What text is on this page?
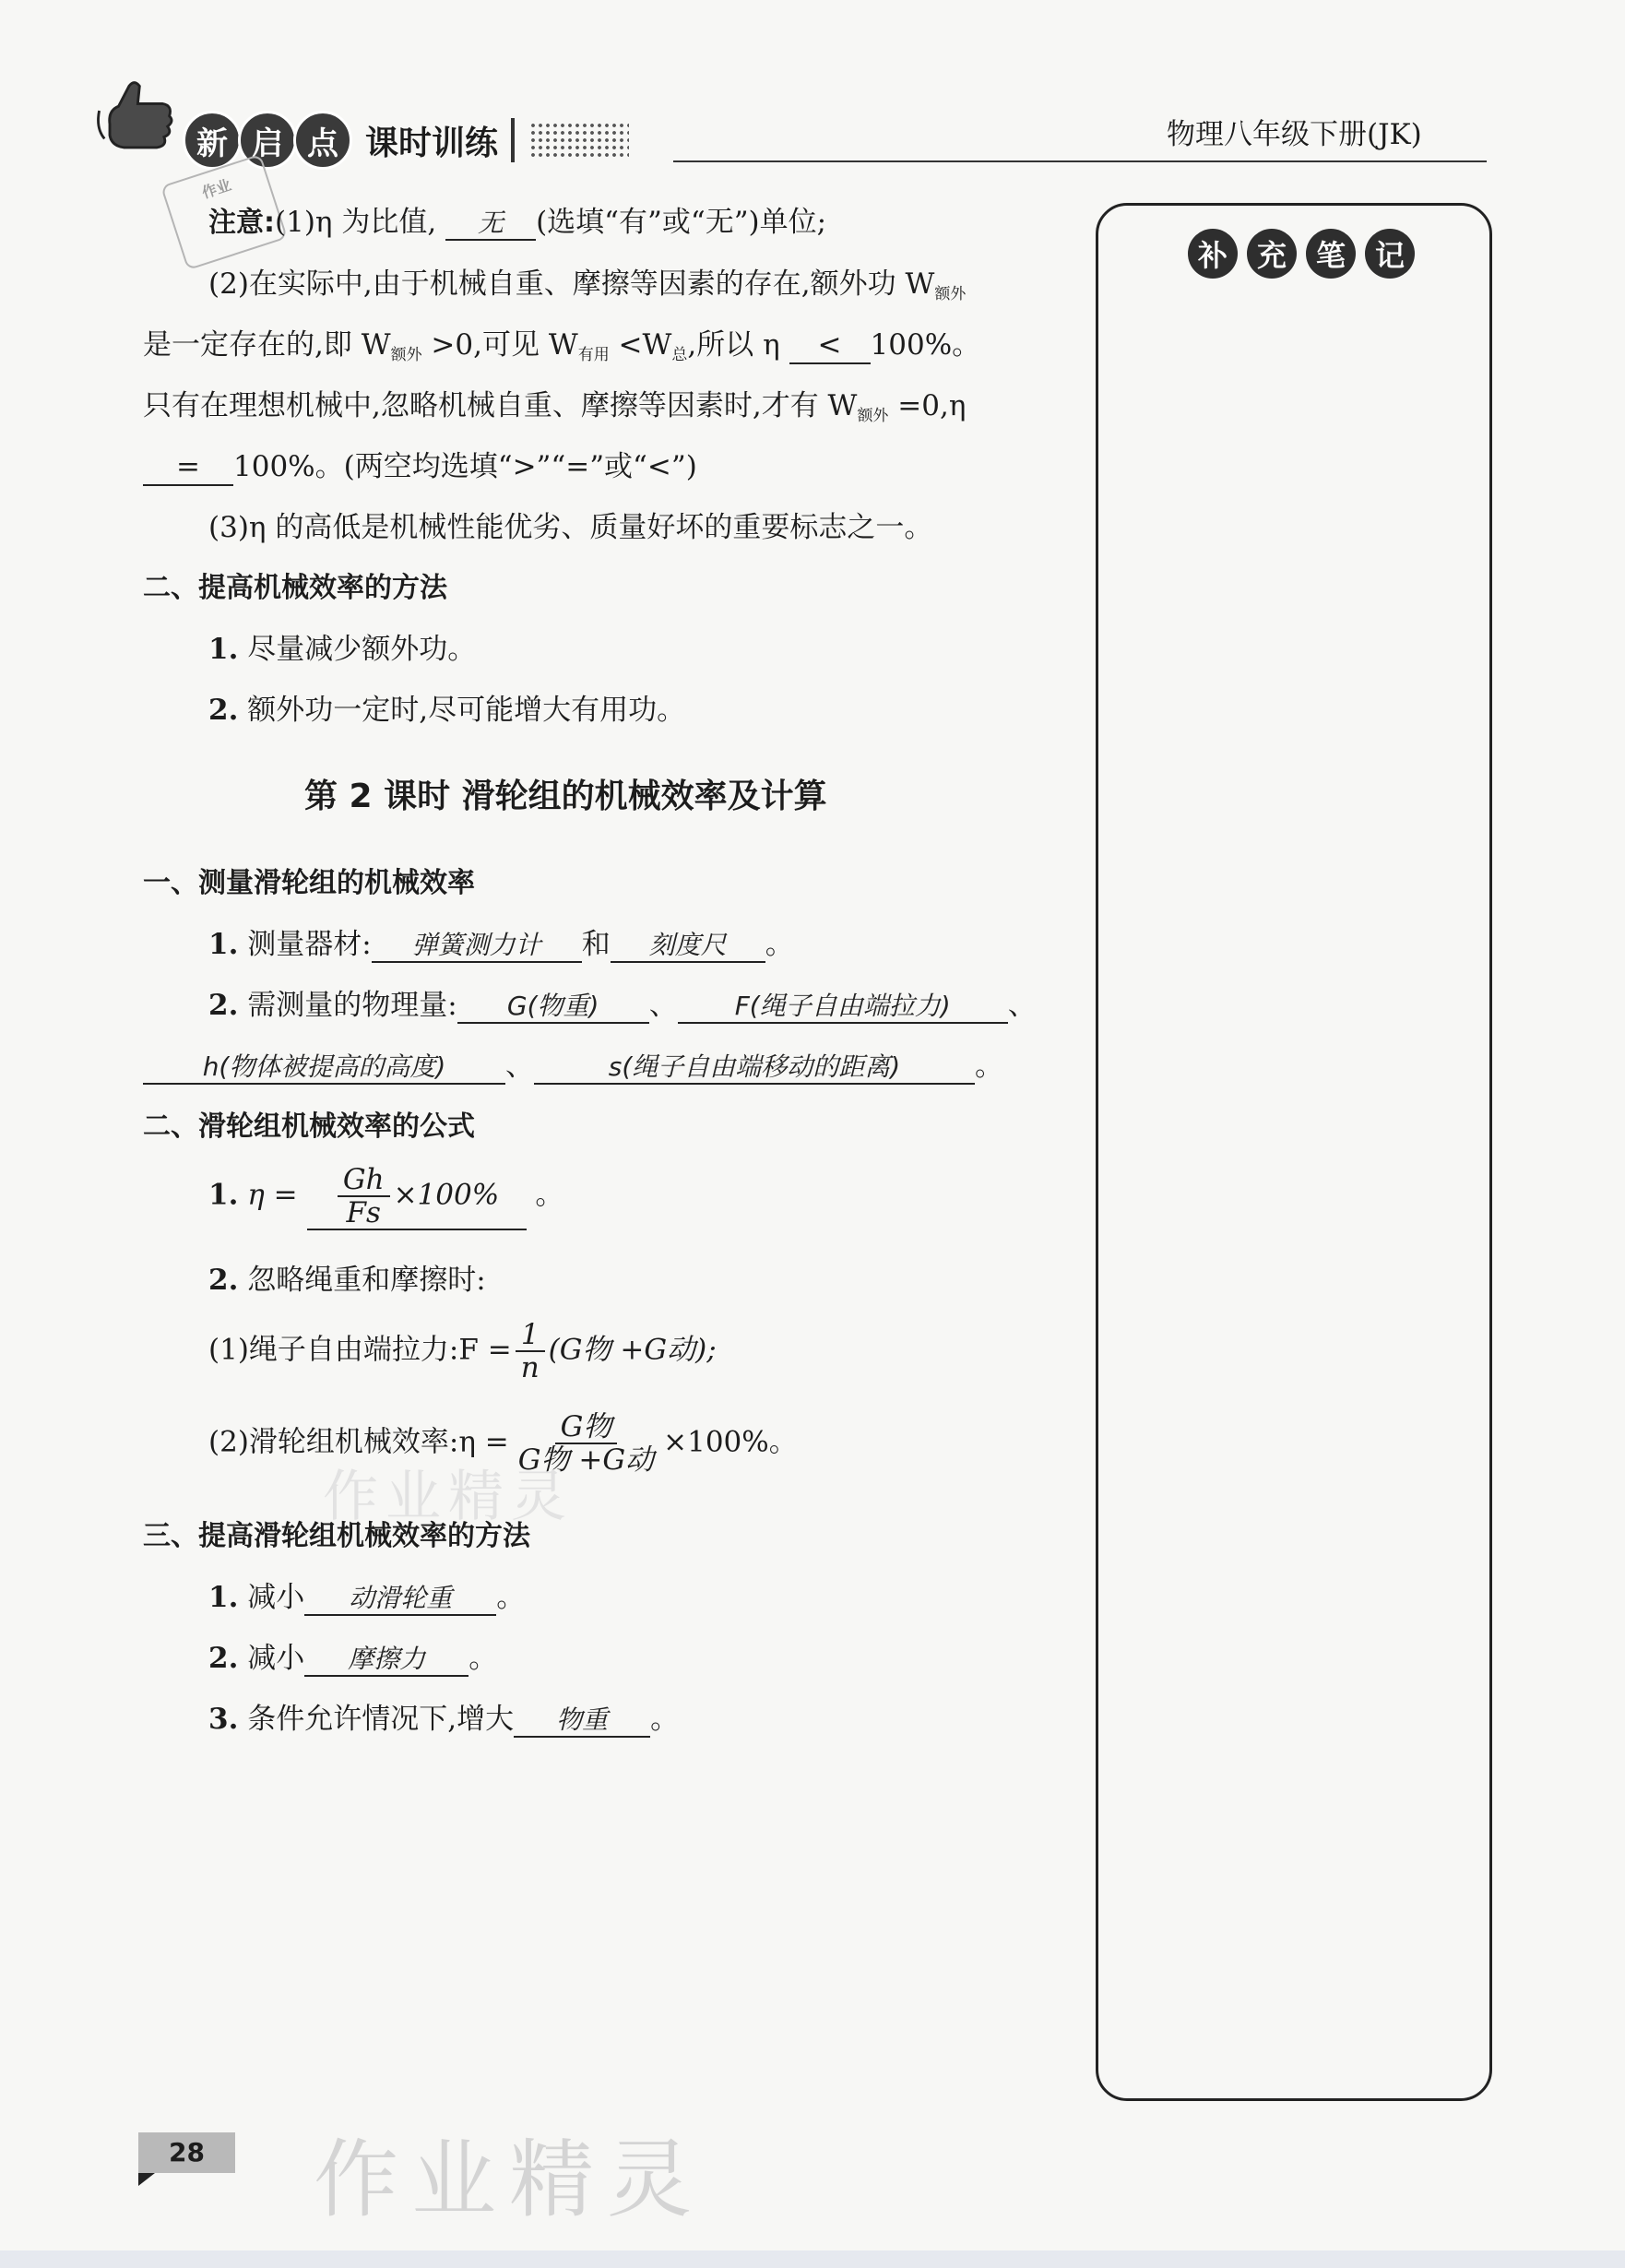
新 启 点 课时训练	物理八年级下册(JK)
作业
补 充 笔 记
注意:(1)η 为比值, 无 (选填“有”或“无”)单位;
(2)在实际中,由于机械自重、摩擦等因素的存在,额外功 $W_{额外}$
是一定存在的,即 $W_{额外} >0$,可见 $W_{有用} <W_总$,所以 η < 100%。
只有在理想机械中,忽略机械自重、摩擦等因素时,才有 $W_{额外} =0,\eta$
= 100%。(两空均选填“>”“=”或“<”)
(3)η 的高低是机械性能优劣、质量好坏的重要标志之一。
二、提高机械效率的方法
1. 尽量减少额外功。
2. 额外功一定时,尽可能增大有用功。
第 2 课时 滑轮组的机械效率及计算
一、测量滑轮组的机械效率
1. 测量器材: 弹簧测力计 和 刻度尺 。
2. 需测量的物理量: G(物重) 、 F(绳子自由端拉力) 、
h(物体被提高的高度) 、	s(绳子自由端移动的距离)	。
二、滑轮组机械效率的公式
1. $\eta = \frac{Gh}{Fs} \times 100\%$ 。
2. 忽略绳重和摩擦时:
(1)绳子自由端拉力:F = $\frac{1}{n} (G$物 +G动);
(2)滑轮组机械效率:η = $\frac{\text{G物}}{\text{G物 +G动}} \times 100\%$。
作业精灵
三、提高滑轮组机械效率的方法
1. 减小 动滑轮重 。
2. 减小 摩擦力 。
3. 条件允许情况下,增大 物重 。
28	作业精灵
